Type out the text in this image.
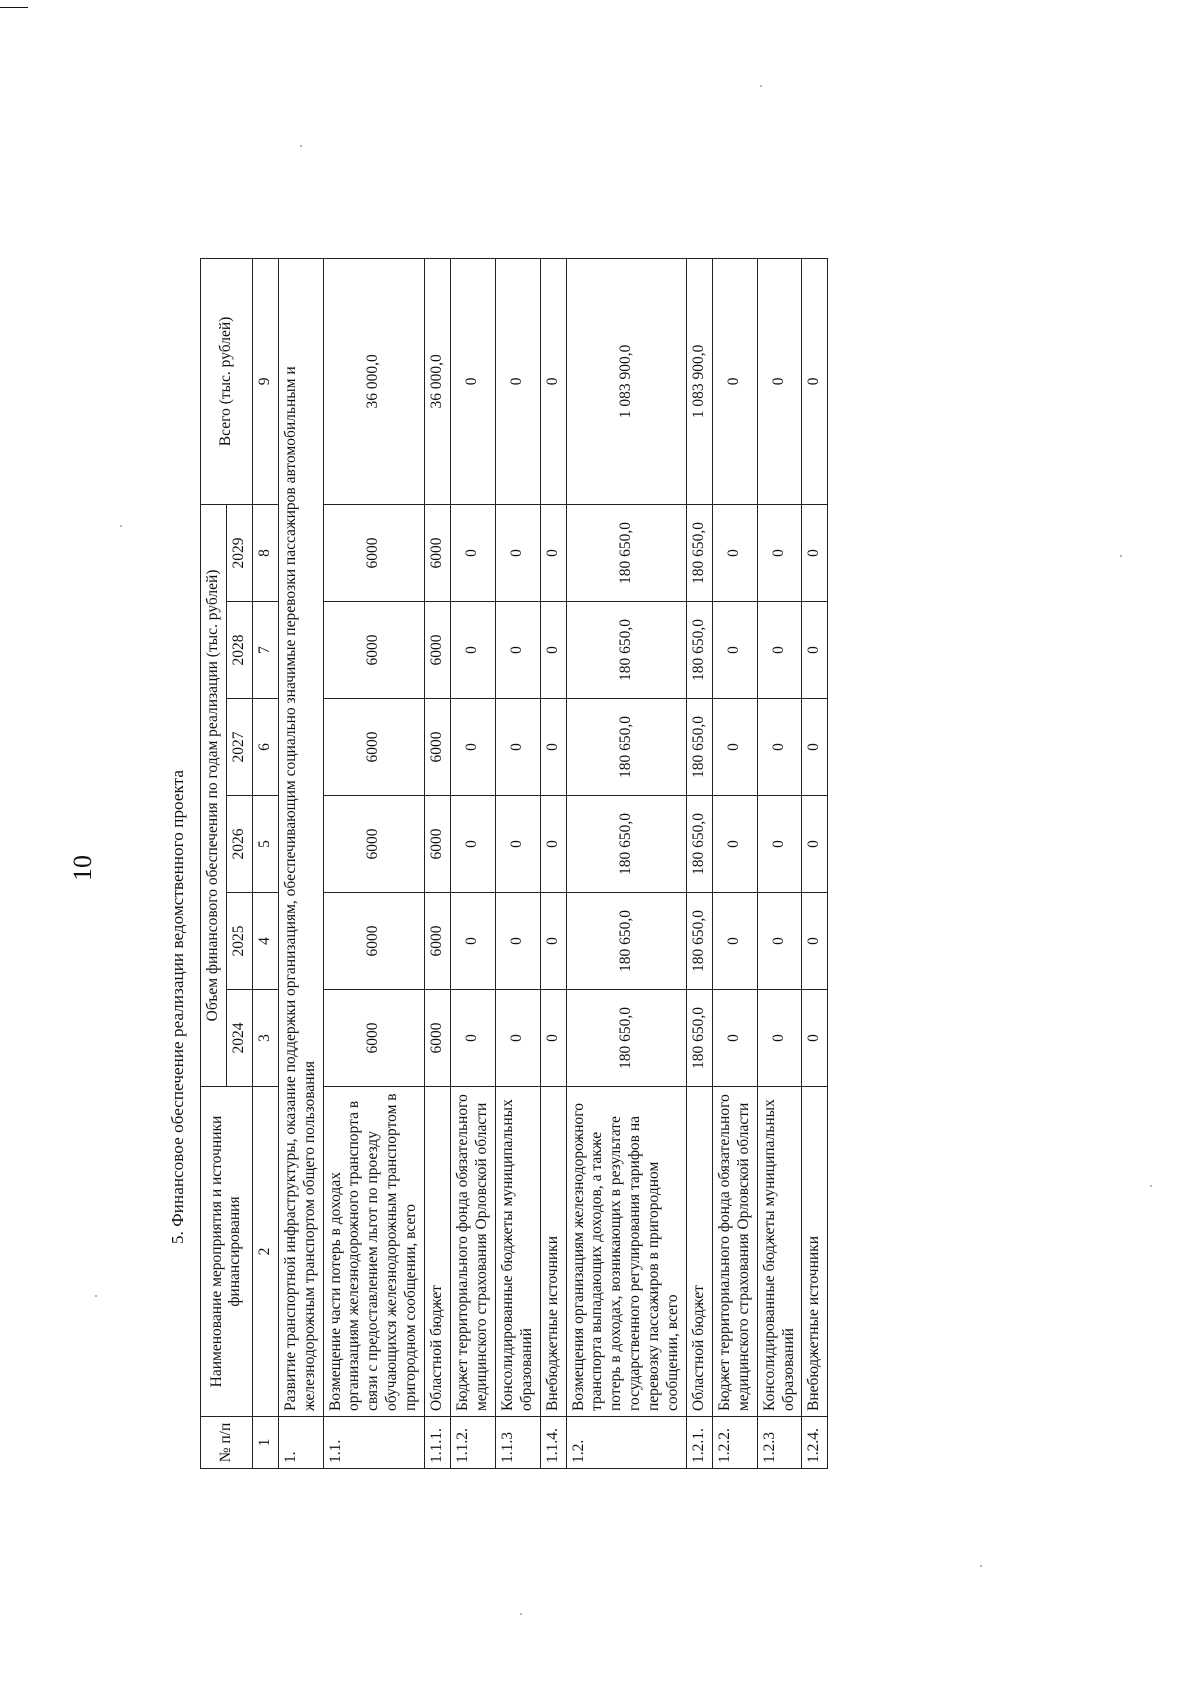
10	5. Финансовое обеспечение реализации ведомственного проекта
№ п/п	Наименование мероприятия и источники финансирования	Объем финансового обеспечения по годам реализации (тыс. рублей)						Всего (тыс. рублей)
		2024	2025	2026	2027	2028	2029	
1	2	3	4	5	6	7	8	9
1.	Развитие транспортной инфраструктуры, оказание поддержки организациям, обеспечивающим социально значимые перевозки пассажиров автомобильным и железнодорожным транспортом общего пользования							
1.1.	Возмещение части потерь в доходах организациям железнодорожного транспорта в связи с предоставлением льгот по проезду обучающихся железнодорожным транспортом в пригородном сообщении, всего	6000	6000	6000	6000	6000	6000	36 000,0
1.1.1.	Областной бюджет	6000	6000	6000	6000	6000	6000	36 000,0
1.1.2.	Бюджет территориального фонда обязательного медицинского страхования Орловской области	0	0	0	0	0	0	0
1.1.3	Консолидированные бюджеты муниципальных образований	0	0	0	0	0	0	0
1.1.4.	Внебюджетные источники	0	0	0	0	0	0	0
1.2.	Возмещения организациям железнодорожного транспорта выпадающих доходов, а также потерь в доходах, возникающих в результате государственного регулирования тарифов на перевозку пассажиров в пригородном сообщении, всего	180 650,0	180 650,0	180 650,0	180 650,0	180 650,0	180 650,0	1 083 900,0
1.2.1.	Областной бюджет	180 650,0	180 650,0	180 650,0	180 650,0	180 650,0	180 650,0	1 083 900,0
1.2.2.	Бюджет территориального фонда обязательного медицинского страхования Орловской области	0	0	0	0	0	0	0
1.2.3	Консолидированные бюджеты муниципальных образований	0	0	0	0	0	0	0
1.2.4.	Внебюджетные источники	0	0	0	0	0	0	0
